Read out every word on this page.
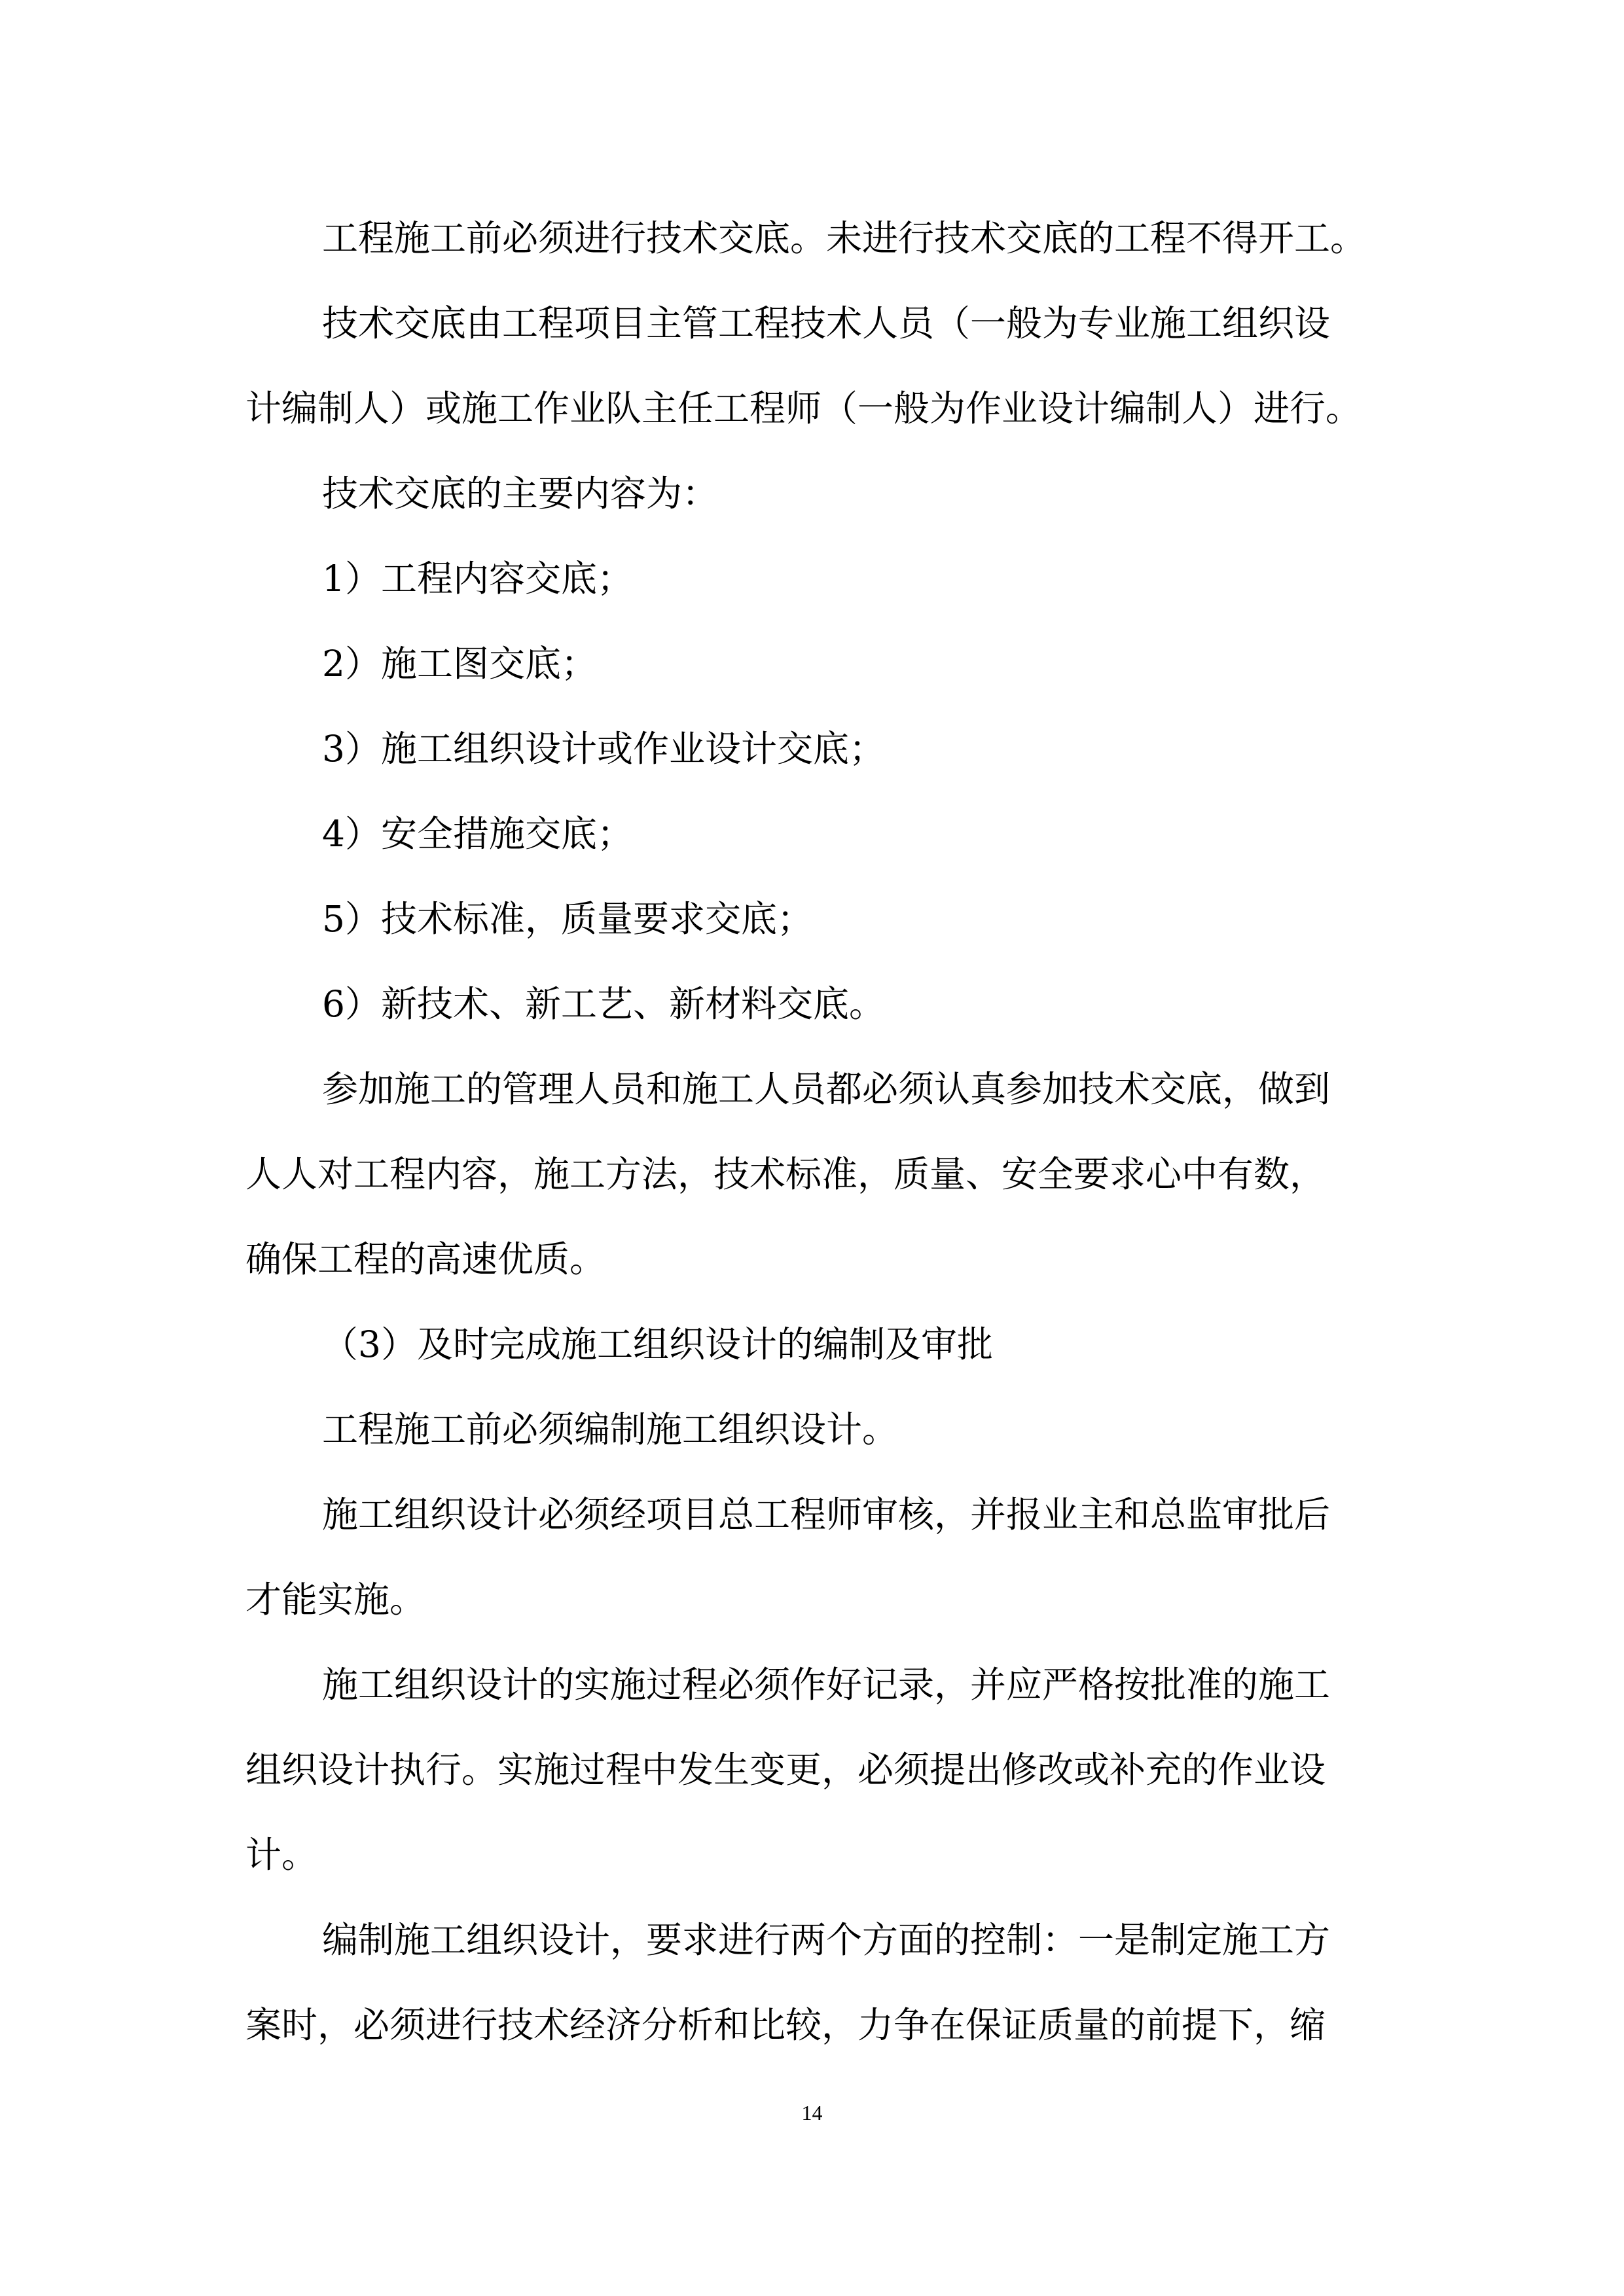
工程施工前必须进行技术交底。未进行技术交底的工程不得开工。
技术交底由工程项目主管工程技术人员（一般为专业施工组织设
计编制人）或施工作业队主任工程师（一般为作业设计编制人）进行。
技术交底的主要内容为：
1）工程内容交底；
2）施工图交底；
3）施工组织设计或作业设计交底；
4）安全措施交底；
5）技术标准，质量要求交底；
6）新技术、新工艺、新材料交底。
参加施工的管理人员和施工人员都必须认真参加技术交底，做到
人人对工程内容，施工方法，技术标准，质量、安全要求心中有数，
确保工程的高速优质。
（3）及时完成施工组织设计的编制及审批
工程施工前必须编制施工组织设计。
施工组织设计必须经项目总工程师审核，并报业主和总监审批后
才能实施。
施工组织设计的实施过程必须作好记录，并应严格按批准的施工
组织设计执行。实施过程中发生变更，必须提出修改或补充的作业设
计。
编制施工组织设计，要求进行两个方面的控制：一是制定施工方
案时，必须进行技术经济分析和比较，力争在保证质量的前提下，缩
14
